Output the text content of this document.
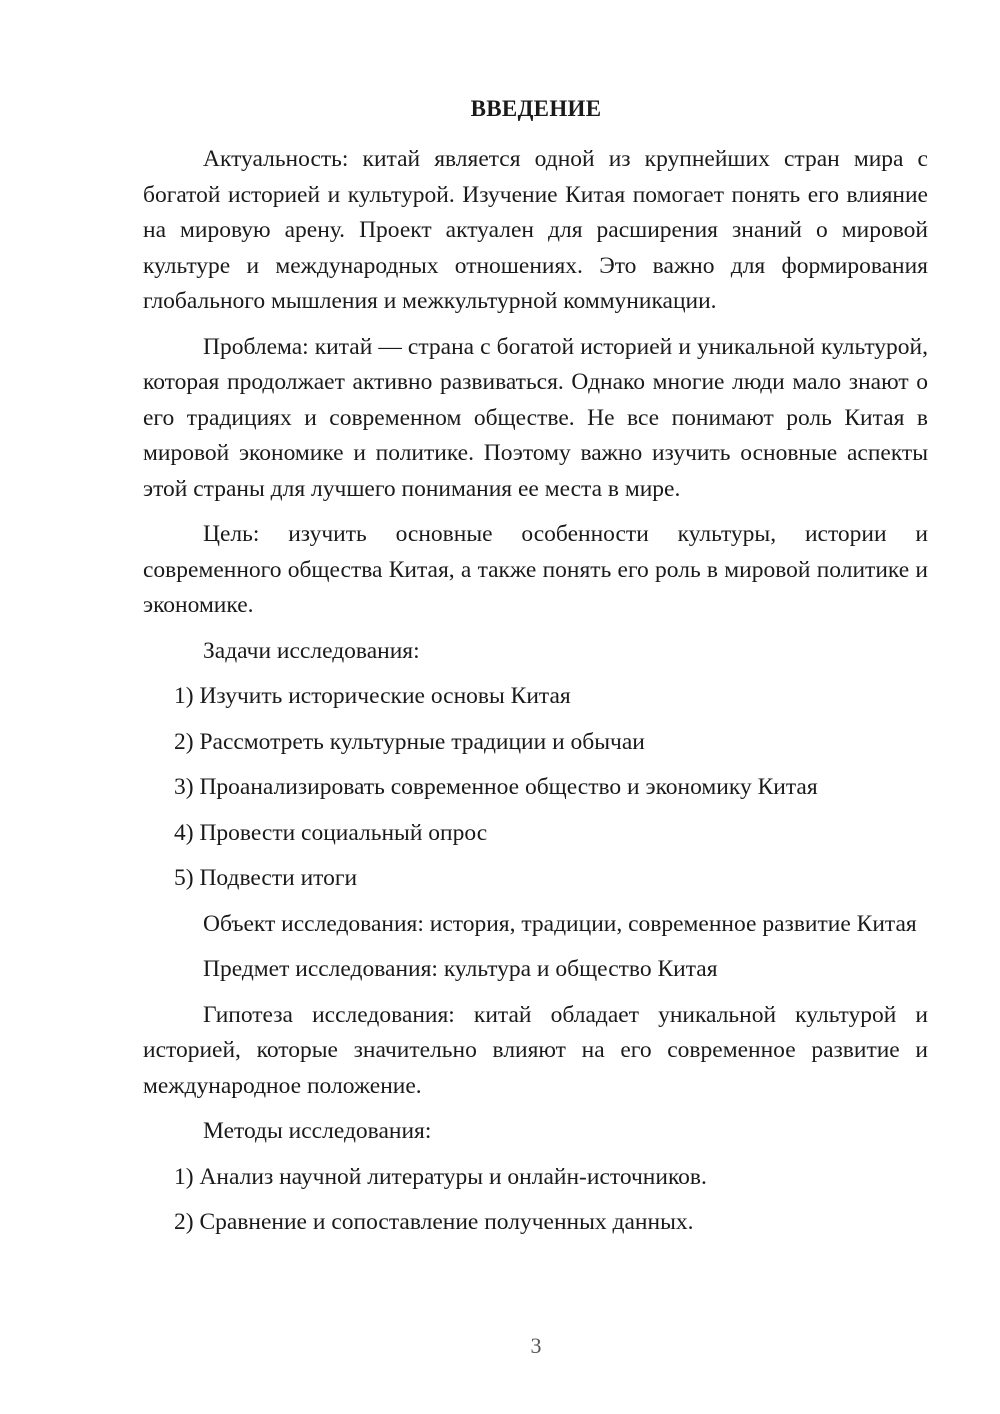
ВВЕДЕНИЕ

Актуальность: китай является одной из крупнейших стран мира с богатой историей и культурой. Изучение Китая помогает понять его влияние на мировую арену. Проект актуален для расширения знаний о мировой культуре и международных отношениях. Это важно для формирования глобального мышления и межкультурной коммуникации.

Проблема: китай — страна с богатой историей и уникальной культурой, которая продолжает активно развиваться. Однако многие люди мало знают о его традициях и современном обществе. Не все понимают роль Китая в мировой экономике и политике. Поэтому важно изучить основные аспекты этой страны для лучшего понимания ее места в мире.

Цель: изучить основные особенности культуры, истории и современного общества Китая, а также понять его роль в мировой политике и экономике.

Задачи исследования:

1) Изучить исторические основы Китая
2) Рассмотреть культурные традиции и обычаи
3) Проанализировать современное общество и экономику Китая
4) Провести социальный опрос
5) Подвести итоги

Объект исследования: история, традиции, современное развитие Китая

Предмет исследования: культура и общество Китая

Гипотеза исследования: китай обладает уникальной культурой и историей, которые значительно влияют на его современное развитие и международное положение.

Методы исследования:

1) Анализ научной литературы и онлайн-источников.
2) Сравнение и сопоставление полученных данных.
3
